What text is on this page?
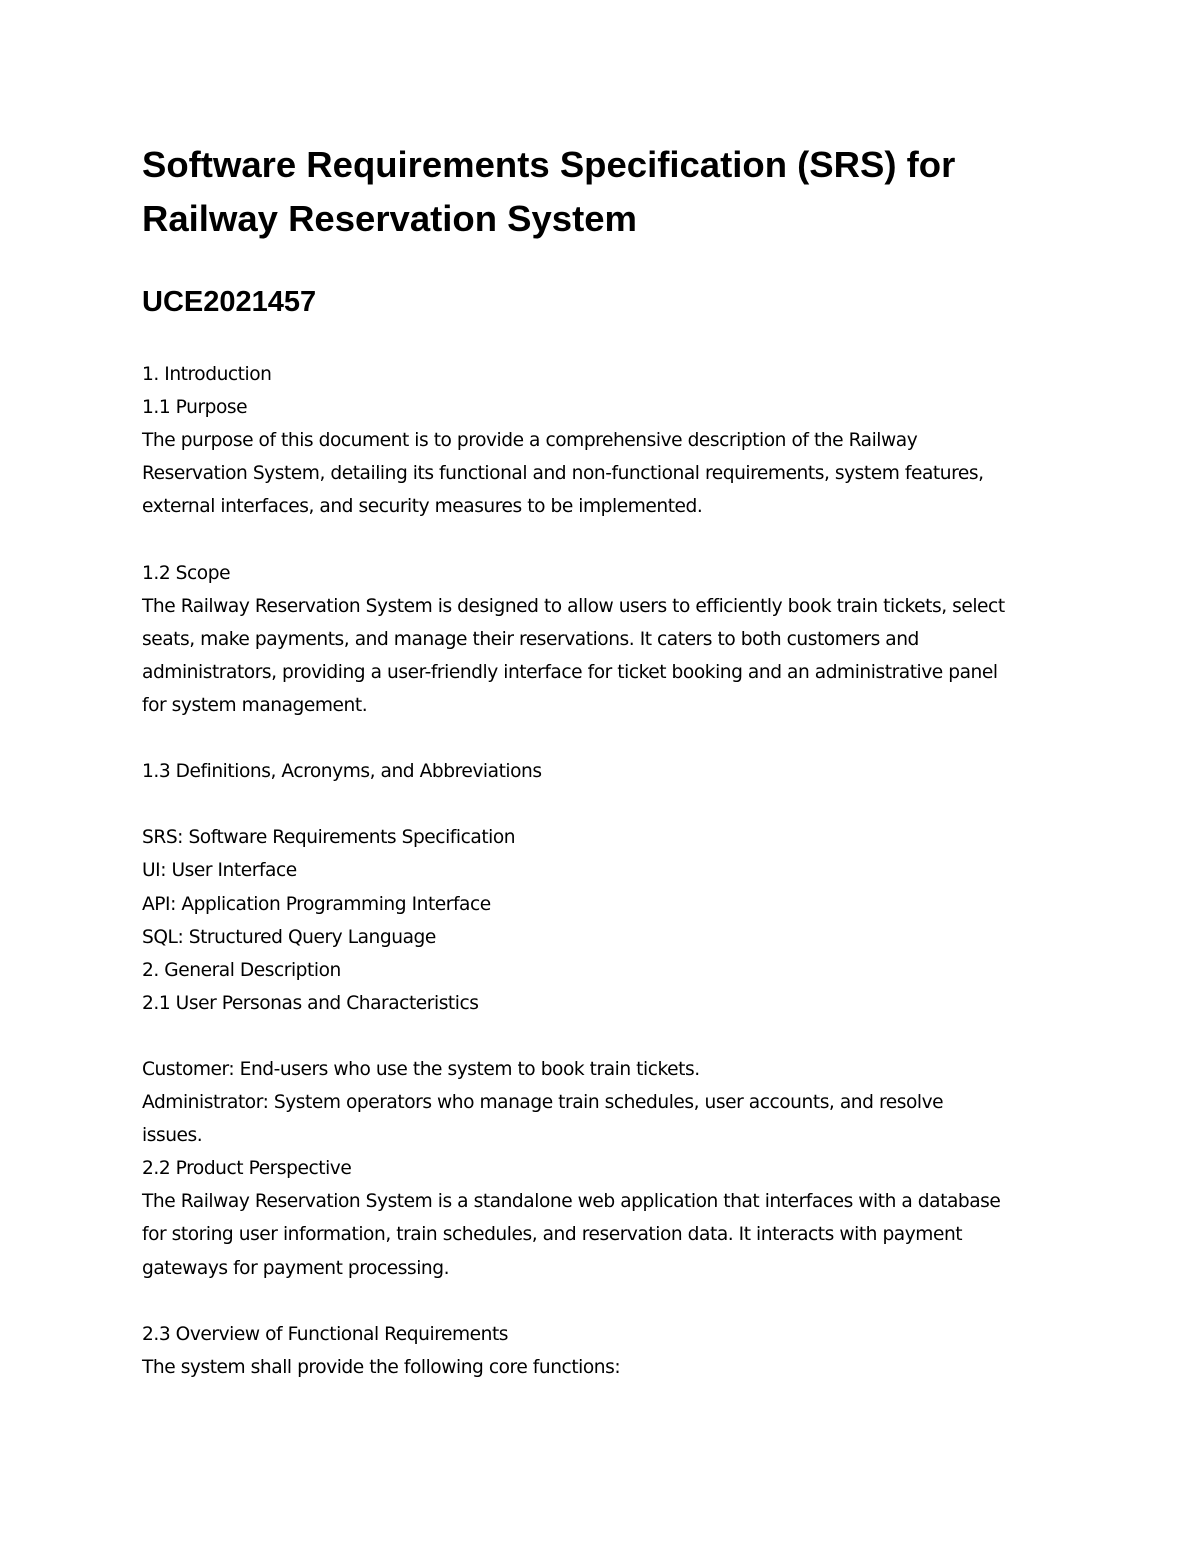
Software Requirements Specification (SRS) for
Railway Reservation System
UCE2021457
1. Introduction
1.1 Purpose
The purpose of this document is to provide a comprehensive description of the Railway
Reservation System, detailing its functional and non-functional requirements, system features,
external interfaces, and security measures to be implemented.
1.2 Scope
The Railway Reservation System is designed to allow users to efficiently book train tickets, select
seats, make payments, and manage their reservations. It caters to both customers and
administrators, providing a user-friendly interface for ticket booking and an administrative panel
for system management.
1.3 Definitions, Acronyms, and Abbreviations
SRS: Software Requirements Specification
UI: User Interface
API: Application Programming Interface
SQL: Structured Query Language
2. General Description
2.1 User Personas and Characteristics
Customer: End-users who use the system to book train tickets.
Administrator: System operators who manage train schedules, user accounts, and resolve
issues.
2.2 Product Perspective
The Railway Reservation System is a standalone web application that interfaces with a database
for storing user information, train schedules, and reservation data. It interacts with payment
gateways for payment processing.
2.3 Overview of Functional Requirements
The system shall provide the following core functions:
